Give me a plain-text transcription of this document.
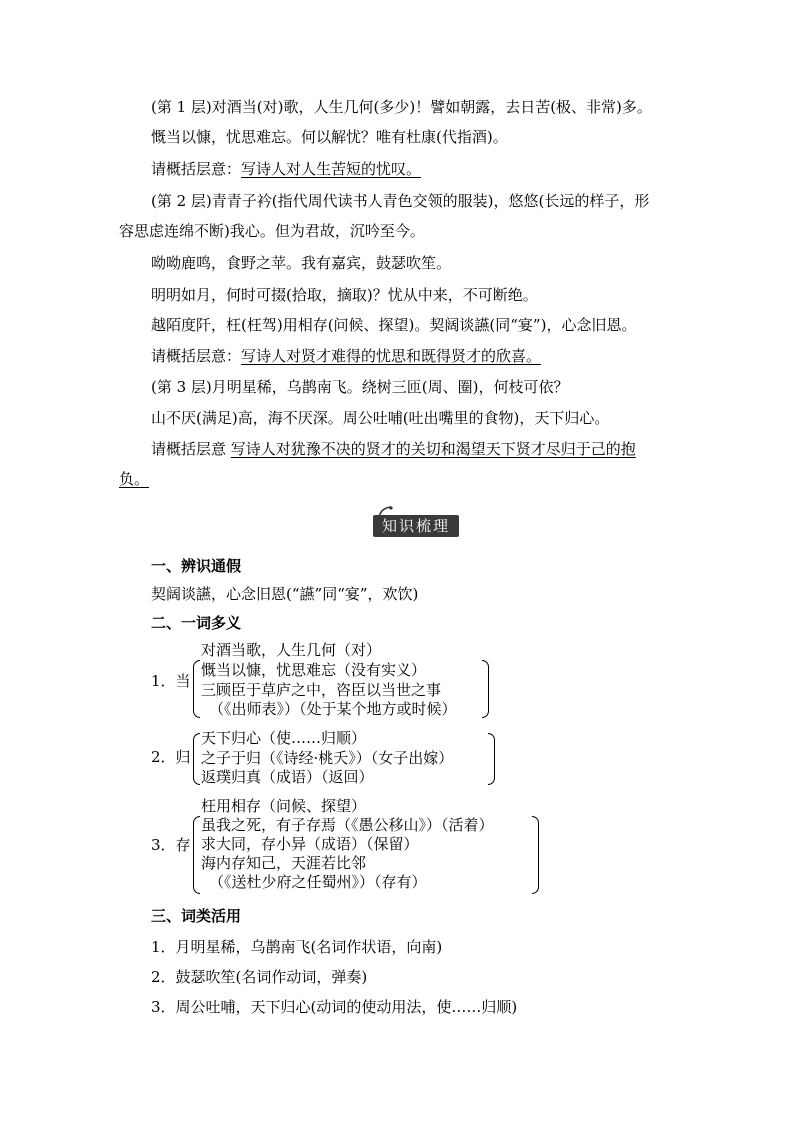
(第 1 层)对酒当(对)歌，人生几何(多少)！譬如朝露，去日苦(极、非常)多。
慨当以慷，忧思难忘。何以解忧？唯有杜康(代指酒)。
请概括层意：写诗人对人生苦短的忧叹。
(第 2 层)青青子衿(指代周代读书人青色交领的服装)，悠悠(长远的样子，形
容思虑连绵不断)我心。但为君故，沉吟至今。
呦呦鹿鸣，食野之苹。我有嘉宾，鼓瑟吹笙。
明明如月，何时可掇(拾取，摘取)？忧从中来，不可断绝。
越陌度阡，枉(枉驾)用相存(问候、探望)。契阔谈讌(同“宴”)，心念旧恩。
请概括层意：写诗人对贤才难得的忧思和既得贤才的欣喜。
(第 3 层)月明星稀，乌鹊南飞。绕树三匝(周、圈)，何枝可依？
山不厌(满足)高，海不厌深。周公吐哺(吐出嘴里的食物)，天下归心。
请概括层意 写诗人对犹豫不决的贤才的关切和渴望天下贤才尽归于己的抱
负。
知识梳理
一、辨识通假
契阔谈讌，心念旧恩(“讌”同“宴”，欢饮)
二、一词多义
1．当
对酒当歌，人生几何（对）
慨当以慷，忧思难忘（没有实义）
三顾臣于草庐之中，咨臣以当世之事
（《出师表》）（处于某个地方或时候）
2．归
天下归心（使……归顺）
之子于归（《诗经·桃夭》）（女子出嫁）
返璞归真（成语）（返回）
3．存
枉用相存（问候、探望）
虽我之死，有子存焉（《愚公移山》）（活着）
求大同，存小异（成语）（保留）
海内存知己，天涯若比邻
（《送杜少府之任蜀州》）（存有）
三、词类活用
1．月明星稀，乌鹊南飞(名词作状语，向南)
2．鼓瑟吹笙(名词作动词，弹奏)
3．周公吐哺，天下归心(动词的使动用法，使……归顺)
